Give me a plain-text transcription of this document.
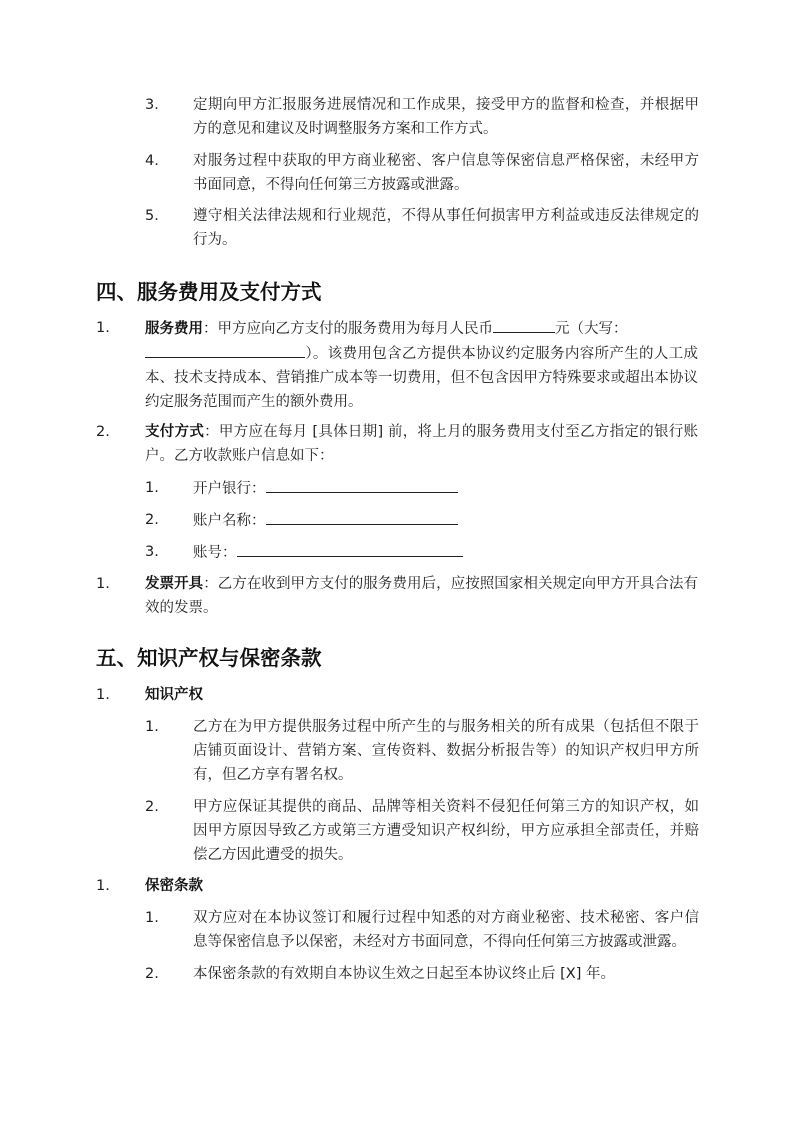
3.	定期向甲方汇报服务进展情况和工作成果，接受甲方的监督和检查，并根据甲方的意见和建议及时调整服务方案和工作方式。
4.	对服务过程中获取的甲方商业秘密、客户信息等保密信息严格保密，未经甲方书面同意，不得向任何第三方披露或泄露。
5.	遵守相关法律法规和行业规范，不得从事任何损害甲方利益或违反法律规定的行为。
四、服务费用及支付方式
1.	服务费用：甲方应向乙方支付的服务费用为每月人民币	元（大写：
）。该费用包含乙方提供本协议约定服务内容所产生的人工成本、技术支持成本、营销推广成本等一切费用，但不包含因甲方特殊要求或超出本协议约定服务范围而产生的额外费用。
2.	支付方式：甲方应在每月 [具体日期] 前，将上月的服务费用支付至乙方指定的银行账户。乙方收款账户信息如下：
1.	开户银行：
2.	账户名称：
3.	账号：
1.	发票开具：乙方在收到甲方支付的服务费用后，应按照国家相关规定向甲方开具合法有效的发票。
五、知识产权与保密条款
1.	知识产权
1.	乙方在为甲方提供服务过程中所产生的与服务相关的所有成果（包括但不限于店铺页面设计、营销方案、宣传资料、数据分析报告等）的知识产权归甲方所有，但乙方享有署名权。
2.	甲方应保证其提供的商品、品牌等相关资料不侵犯任何第三方的知识产权，如因甲方原因导致乙方或第三方遭受知识产权纠纷，甲方应承担全部责任，并赔偿乙方因此遭受的损失。
1.	保密条款
1.	双方应对在本协议签订和履行过程中知悉的对方商业秘密、技术秘密、客户信息等保密信息予以保密，未经对方书面同意，不得向任何第三方披露或泄露。
2.	本保密条款的有效期自本协议生效之日起至本协议终止后 [X] 年。
